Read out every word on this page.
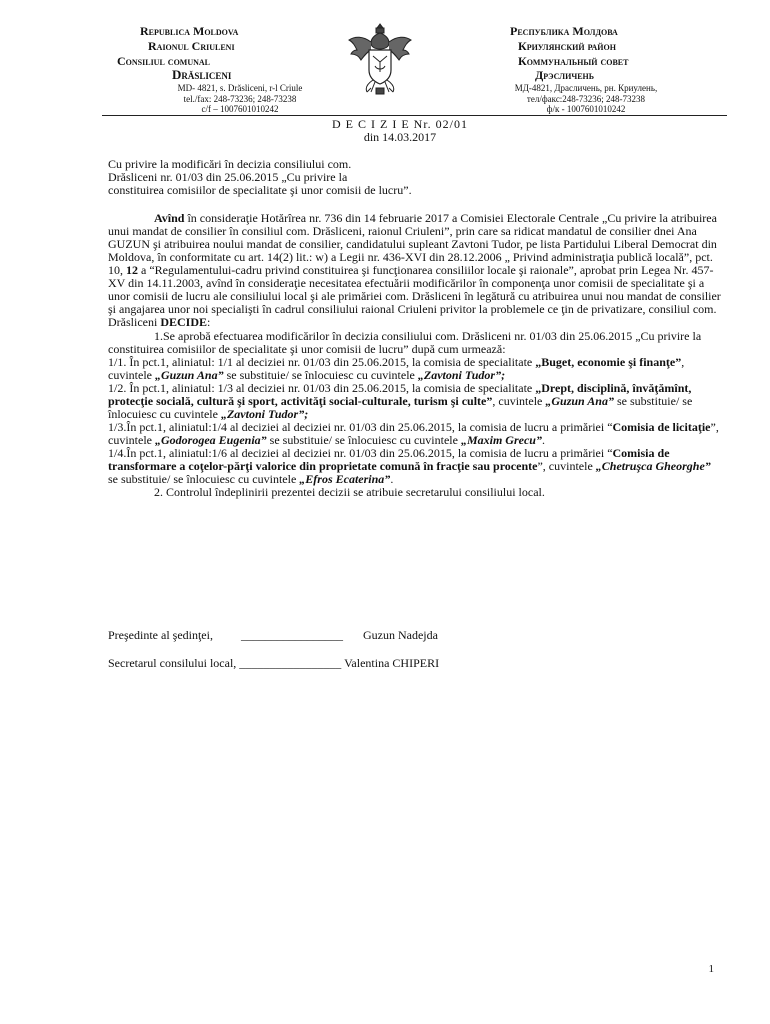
Republica Moldova
Raionul Criuleni
Consiliul comunal
Drăsliceni
MD- 4821, s. Drăsliceni, r-l Criule
tel./fax: 248-73236; 248-73238
c/f – 1007601010242
Республика Молдова
Криулянский район
Коммунальный совет
Дрэсличень
МД-4821, Дрaсличень, рн. Криулень,
тел/факс:248-73236; 248-73238
ф/к - 1007601010242
D E C I Z I E Nr. 02/01
din 14.03.2017

Cu privire la modificări în decizia consiliului com.

Drăsliceni nr. 01/03 din 25.06.2015 „Cu privire la

constituirea comisiilor de specialitate şi unor comisii de lucru”.

Avînd în consideraţie Hotărîrea nr. 736 din 14 februarie 2017 a Comisiei Electorale Centrale „Cu privire la atribuirea unui mandat de consilier în consiliul com. Drăsliceni, raionul Criuleni”, prin care sa ridicat mandatul de consilier dnei Ana GUZUN şi atribuirea noului mandat de consilier, candidatului supleant Zavtoni Tudor, pe lista Partidului Liberal Democrat din Moldova, în conformitate cu art. 14(2) lit.: w) a Legii nr. 436-XVI din 28.12.2006 „ Privind administraţia publică locală”, pct. 10, 12 a “Regulamentului-cadru privind constituirea şi funcţionarea consiliilor locale şi raionale”, aprobat prin Legea Nr. 457-XV din 14.11.2003, avînd în consideraţie necesitatea efectuării modificărilor în componenţa unor comisii de specialitate şi a unor comisii de lucru ale consiliului local şi ale primăriei com. Drăsliceni în legătură cu atribuirea unui nou mandat de consilier şi angajarea unor noi specialişti în cadrul consiliului raional Criuleni privitor la problemele ce ţin de privatizare, consiliul com. Drăsliceni DECIDE:

1.Se aprobă efectuarea modificărilor în decizia consiliului com. Drăsliceni nr. 01/03 din 25.06.2015 „Cu privire la constituirea comisiilor de specialitate şi unor comisii de lucru” după cum urmează:

1/1. În pct.1, aliniatul: 1/1 al deciziei nr. 01/03 din 25.06.2015, la comisia de specialitate „Buget, economie şi finanţe”, cuvintele „Guzun Ana” se substituie/ se înlocuiesc cu cuvintele „Zavtoni Tudor”;

1/2. În pct.1, aliniatul: 1/3 al deciziei nr. 01/03 din 25.06.2015, la comisia de specialitate „Drept, disciplină, învăţămînt, protecţie socială, cultură şi sport, activităţi social-culturale, turism şi culte”, cuvintele „Guzun Ana” se substituie/ se înlocuiesc cu cuvintele „Zavtoni Tudor”;

1/3.În pct.1, aliniatul:1/4 al deciziei al deciziei nr. 01/03 din 25.06.2015, la comisia de lucru a primăriei “Comisia de licitaţie”, cuvintele „Godorogea Eugenia” se substituie/ se înlocuiesc cu cuvintele „Maxim Grecu”.

1/4.În pct.1, aliniatul:1/6 al deciziei al deciziei nr. 01/03 din 25.06.2015, la comisia de lucru a primăriei “Comisia de transformare a coţelor-părţi valorice din proprietate comună în fracţie sau procente”, cuvintele „Chetruşca Gheorghe” se substituie/ se înlocuiesc cu cuvintele „Efros Ecaterina”.

2. Controlul îndeplinirii prezentei decizii se atribuie secretarului consiliului local.

Preşedinte al şedinţei, _________________ Guzun Nadejda
Secretarul consilului local, _________________ Valentina CHIPERI
1
